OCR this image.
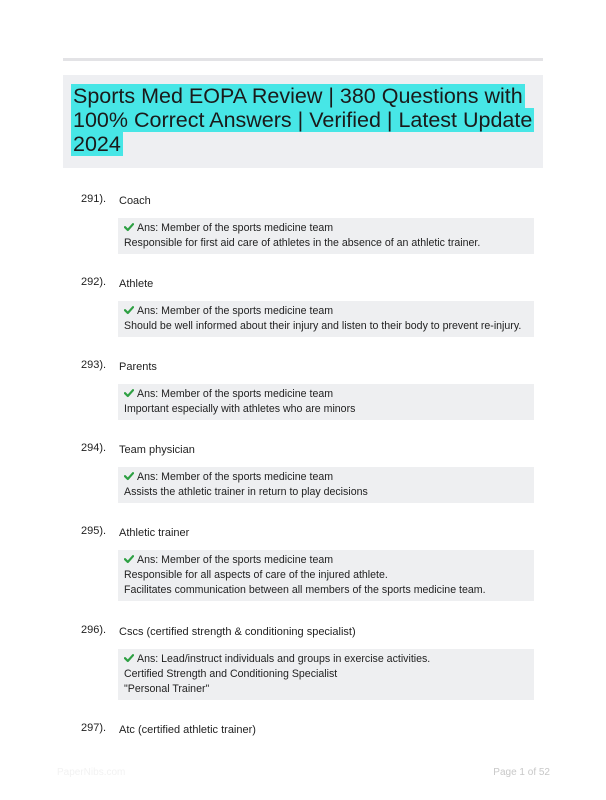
Sports Med EOPA Review | 380 Questions with 100% Correct Answers | Verified | Latest Update 2024
291). Coach
Ans: Member of the sports medicine team
Responsible for first aid care of athletes in the absence of an athletic trainer.
292). Athlete
Ans: Member of the sports medicine team
Should be well informed about their injury and listen to their body to prevent re-injury.
293). Parents
Ans: Member of the sports medicine team
Important especially with athletes who are minors
294). Team physician
Ans: Member of the sports medicine team
Assists the athletic trainer in return to play decisions
295). Athletic trainer
Ans: Member of the sports medicine team
Responsible for all aspects of care of the injured athlete.
Facilitates communication between all members of the sports medicine team.
296). Cscs (certified strength & conditioning specialist)
Ans: Lead/instruct individuals and groups in exercise activities.
Certified Strength and Conditioning Specialist
"Personal Trainer"
297). Atc (certified athletic trainer)
PaperNibs.com	Page 1 of 52
